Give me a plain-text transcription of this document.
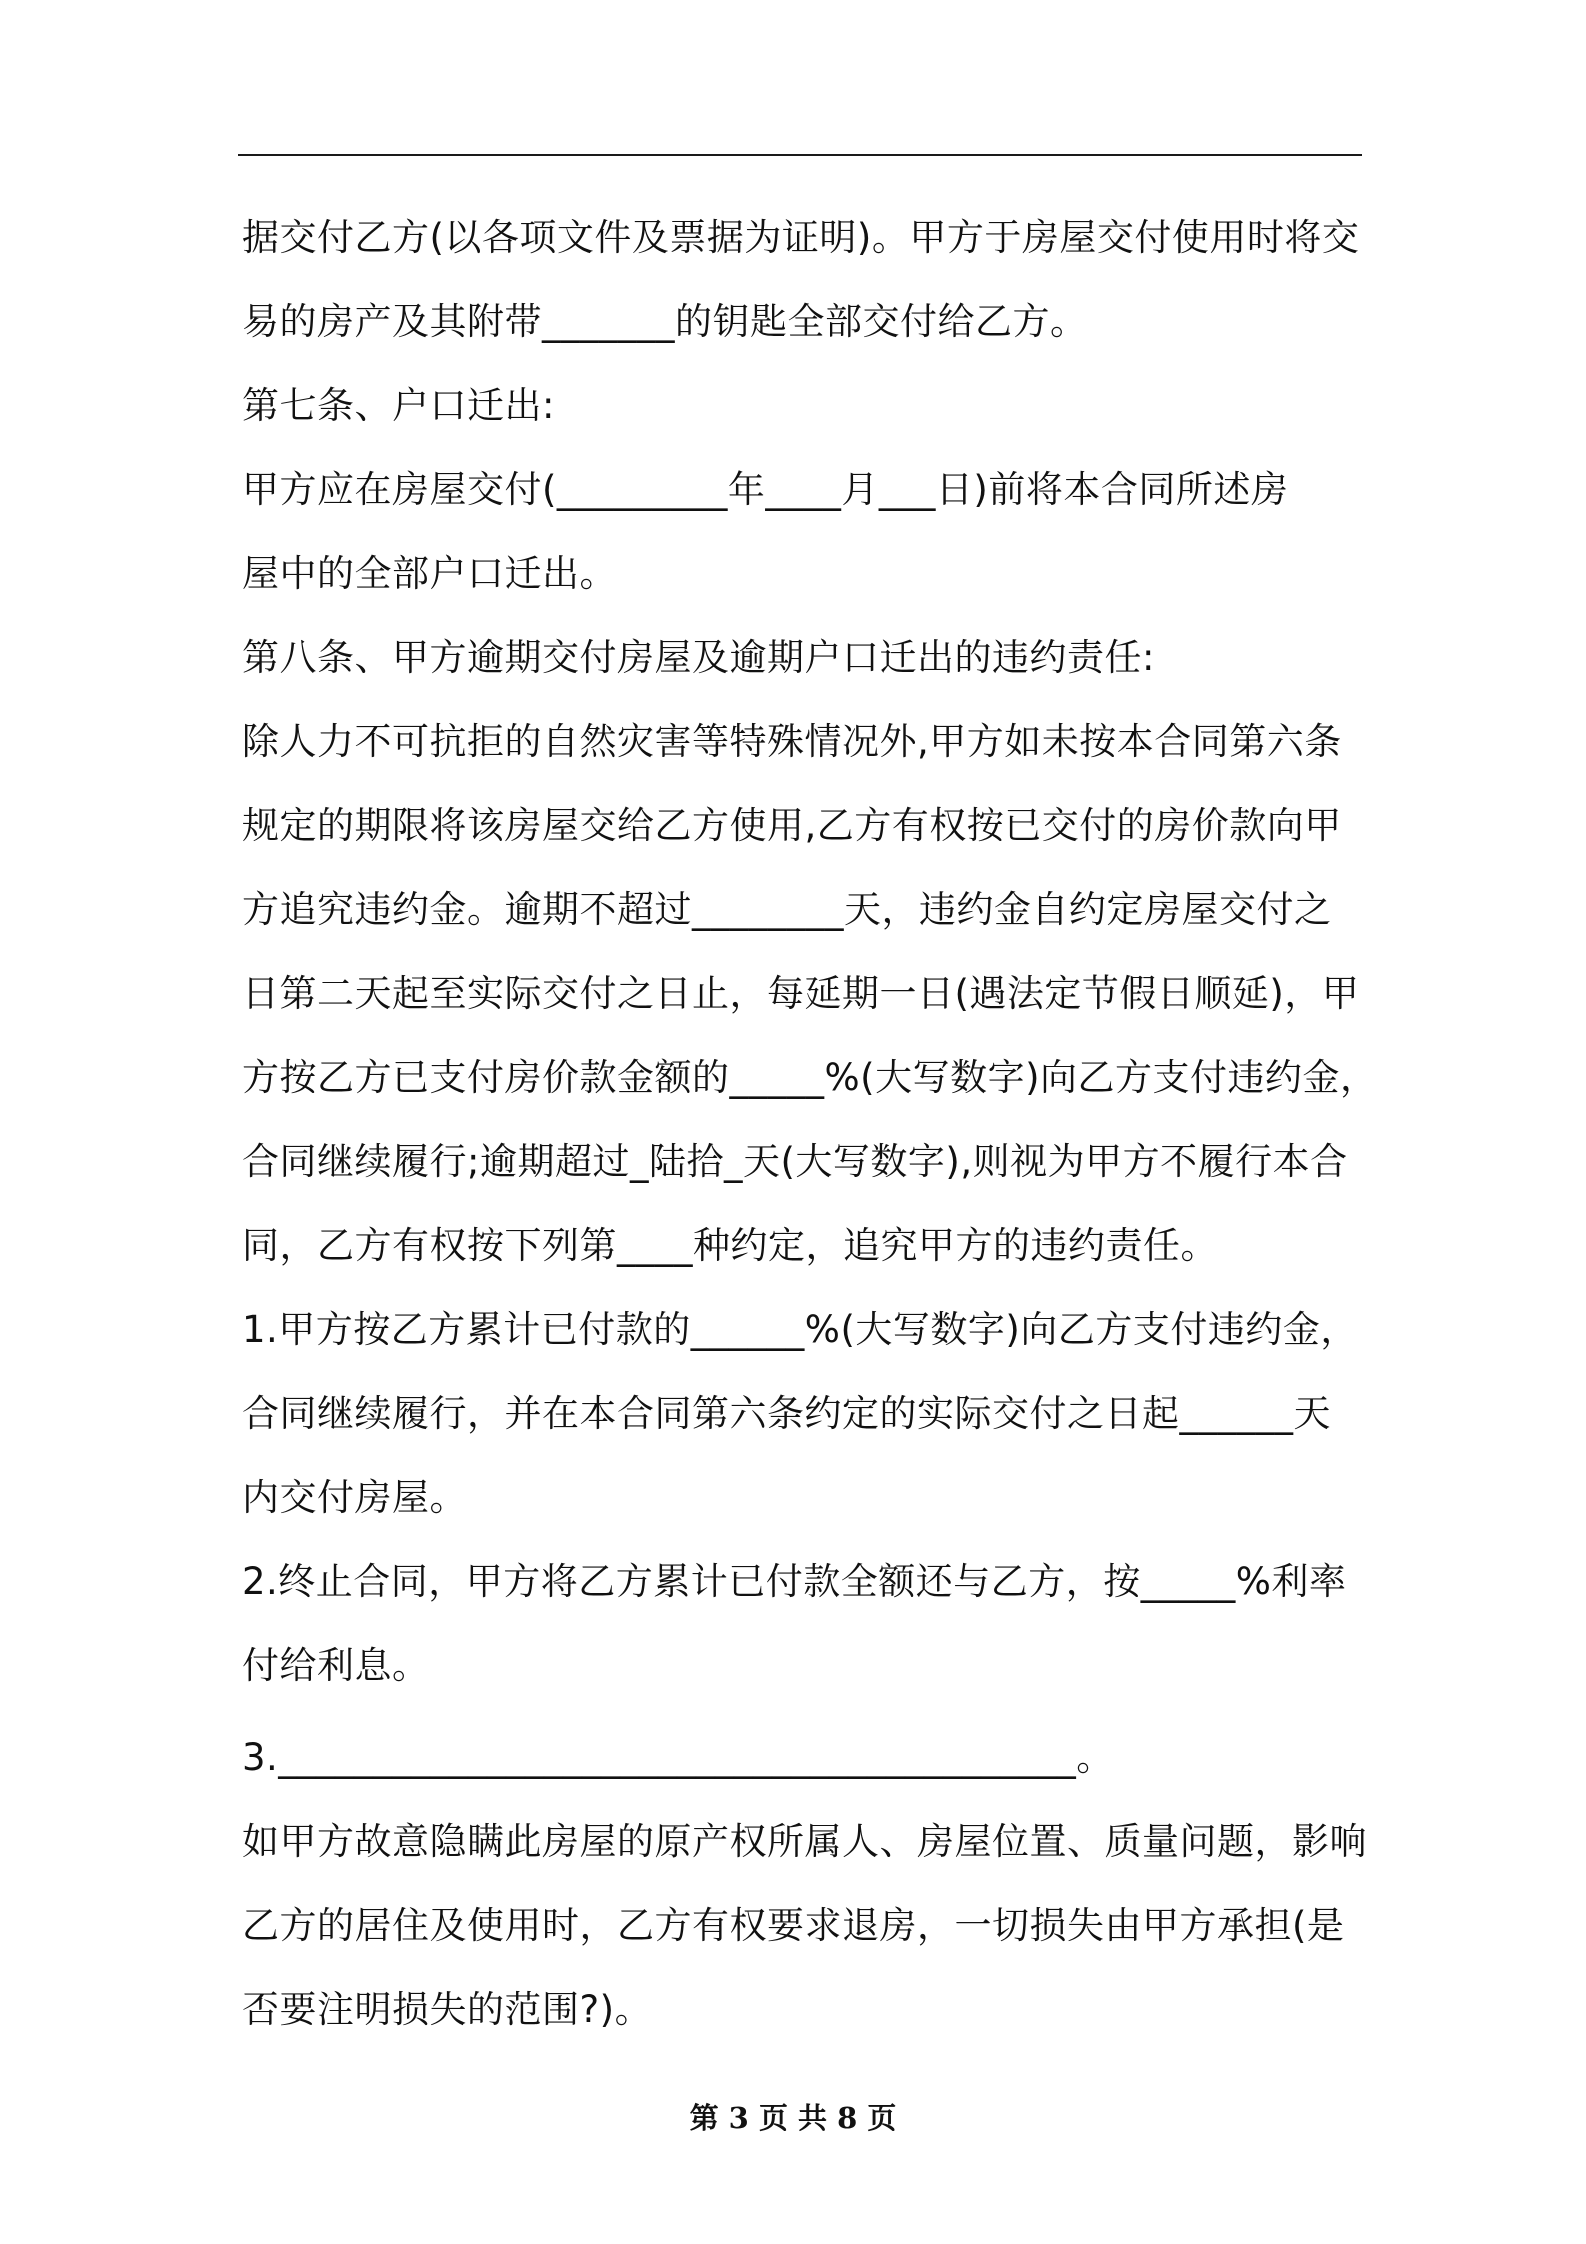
据交付乙方(以各项文件及票据为证明)。甲方于房屋交付使用时将交
易的房产及其附带_______的钥匙全部交付给乙方。
第七条、户口迁出:
甲方应在房屋交付(_________年____月___日)前将本合同所述房
屋中的全部户口迁出。
第八条、甲方逾期交付房屋及逾期户口迁出的违约责任:
除人力不可抗拒的自然灾害等特殊情况外,甲方如未按本合同第六条
规定的期限将该房屋交给乙方使用,乙方有权按已交付的房价款向甲
方追究违约金。逾期不超过________天，违约金自约定房屋交付之
日第二天起至实际交付之日止，每延期一日(遇法定节假日顺延)，甲
方按乙方已支付房价款金额的_____%(大写数字)向乙方支付违约金，
合同继续履行;逾期超过_陆拾_天(大写数字),则视为甲方不履行本合
同，乙方有权按下列第____种约定，追究甲方的违约责任。
1.甲方按乙方累计已付款的______%(大写数字)向乙方支付违约金，
合同继续履行，并在本合同第六条约定的实际交付之日起______天
内交付房屋。
2.终止合同，甲方将乙方累计已付款全额还与乙方，按_____%利率
付给利息。
3.__________________________________________。
如甲方故意隐瞒此房屋的原产权所属人、房屋位置、质量问题，影响
乙方的居住及使用时，乙方有权要求退房，一切损失由甲方承担(是
否要注明损失的范围?)。
第 3 页 共 8 页
